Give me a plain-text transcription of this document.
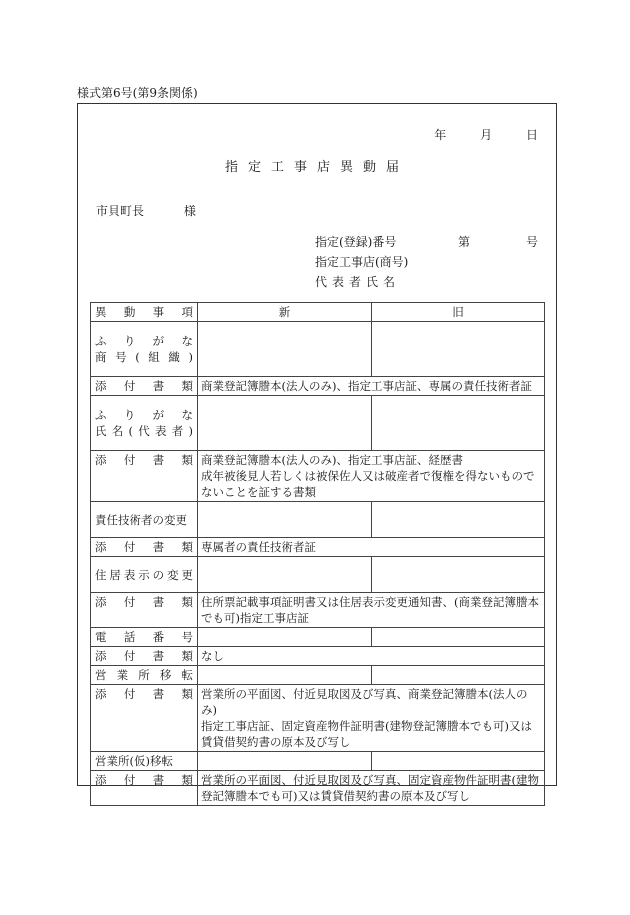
様式第6号(第9条関係)
年	月	日
指定工事店異動届
市貝町長	様
指定(登録)番号	第	号
指定工事店(商号)
代表者氏名
異動事項	新	旧

ふりがな
商号(組織)		

添付書類	商業登記簿謄本(法人のみ)、指定工事店証、専属の責任技術者証	

ふりがな
氏名(代表者)		

添付書類	商業登記簿謄本(法人のみ)、指定工事店証、経歴書
成年被後見人若しくは被保佐人又は破産者で復権を得ないものでないことを証する書類	
責任技術者の変更		
添付書類	専属者の責任技術者証	
住居表示の変更		
添付書類	住所票記載事項証明書又は住居表示変更通知書、(商業登記簿謄本でも可)指定工事店証	
電話番号		
添付書類	なし	
営業所移転		
添付書類	営業所の平面図、付近見取図及び写真、商業登記簿謄本(法人のみ)
指定工事店証、固定資産物件証明書(建物登記簿謄本でも可)又は賃貸借契約書の原本及び写し	
営業所(仮)移転		
添付書類	営業所の平面図、付近見取図及び写真、固定資産物件証明書(建物登記簿謄本でも可)又は賃貸借契約書の原本及び写し	
